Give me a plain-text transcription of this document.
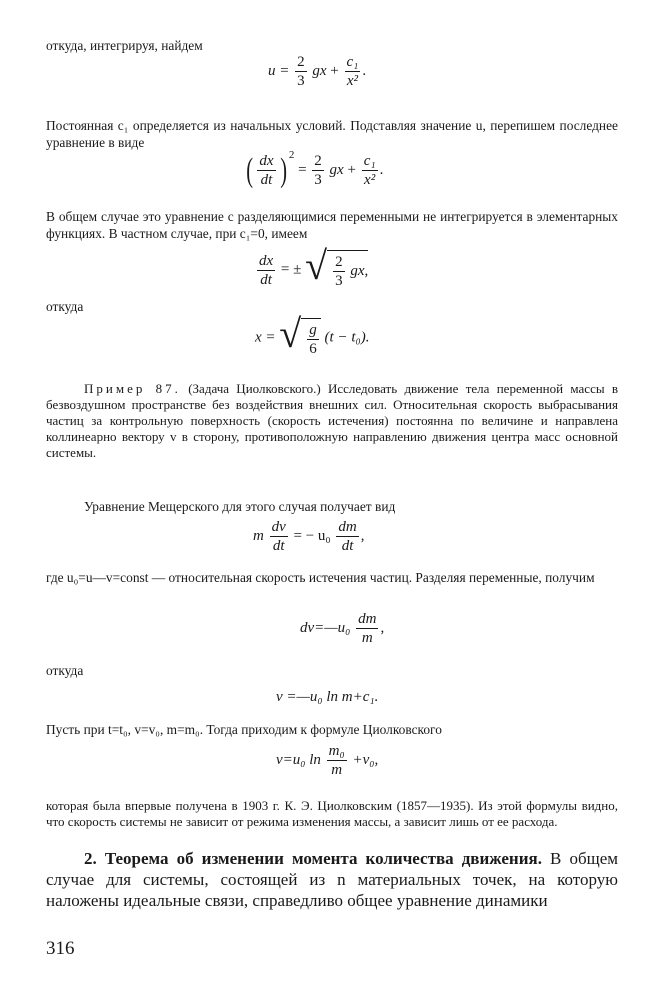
откуда, интегрируя, найдем
$u = \frac{2}{3}$ gx + $\frac{\text{c₁}}{\text{x²}}$ .
Постоянная c₁ определяется из начальных условий. Подставляя значение u, перепишем последнее уравнение в виде
( $\frac{dx}{dt}$ ) $^2 = \frac{2}{3}$ gx + $\frac{\text{c₁}}{\text{x²}}$ .
В общем случае это уравнение с разделяющимися переменными не интегрируется в элементарных функциях. В частном случае, при c₁=0, имеем
$\frac{dx}{dt}$ = ± √ $\frac{2}{3}$ gx,
откуда
x = √ $\frac{g}{6} (t - t_0)$.
Пример 87. (Задача Циолковского.) Исследовать движение тела переменной массы в безвоздушном пространстве без воздействия внешних сил. Относительная скорость выбрасывания частиц за контрольную поверхность (скорость истечения) постоянна по величине и направлена коллинеарно вектору v в сторону, противоположную направлению движения центра масс основной системы.
Уравнение Мещерского для этого случая получает вид
m $\frac{dv}{dt}$ = − $u_0 \frac{dm}{dt}$ ,
где u₀=u—v=const — относительная скорость истечения частиц. Разделяя переменные, получим
dv=—u₀ $\frac{dm}{m}$ ,
откуда
v =—u₀ ln m+c₁.
Пусть при t=t₀, v=v₀, m=m₀. Тогда приходим к формуле Циолковского
v=u₀ $\ln \frac{\text{m₀}}{m} +v_0$,
которая была впервые получена в 1903 г. К. Э. Циолковским (1857—1935). Из этой формулы видно, что скорость системы не зависит от режима изменения массы, а зависит лишь от ее расхода.
2. Теорема об изменении момента количества движения. В общем случае для системы, состоящей из n материальных точек, на которую наложены идеальные связи, справедливо общее уравнение динамики
316
